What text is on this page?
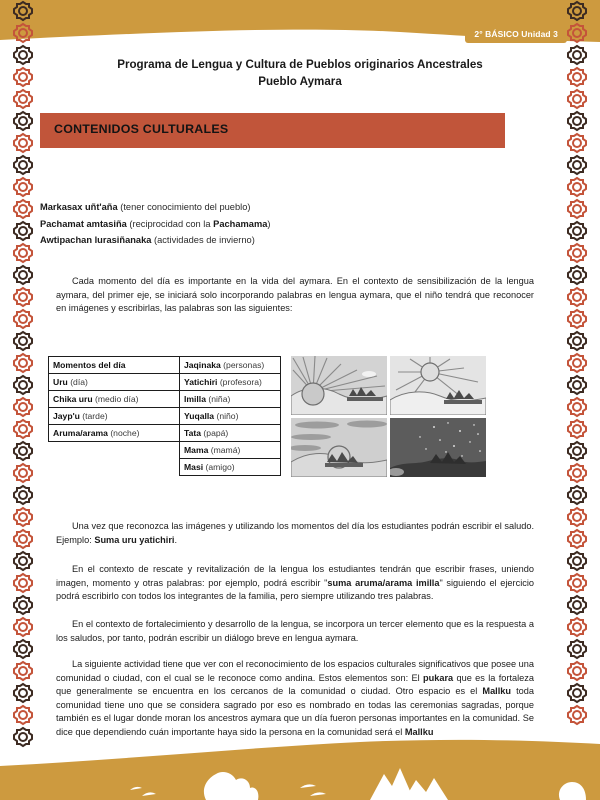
2° BÁSICO Unidad 3
Programa de Lengua y Cultura de Pueblos originarios Ancestrales
Pueblo Aymara
CONTENIDOS CULTURALES
Markasax uñt'aña (tener conocimiento del pueblo)
Pachamat amtasiña (reciprocidad con la Pachamama)
Awtipachan lurasiñanaka (actividades de invierno)

Cada momento del día es importante en la vida del aymara. En el contexto de sensibilización de la lengua aymara, del primer eje, se iniciará solo incorporando palabras en lengua aymara, que el niño tendrá que reconocer en imágenes y escribirlas, las palabras son las siguientes:

Momentos del día	Jaqinaka (personas)
Uru (día)	Yatichiri (profesora)
Chika uru (medio día)	Imilla (niña)
Jayp'u (tarde)	Yuqalla (niño)
Aruma/arama (noche)	Tata (papá)
	Mama (mamá)
	Masi (amigo)

Una vez que reconozca las imágenes y utilizando los momentos del día los estudiantes podrán escribir el saludo. Ejemplo: Suma uru yatichiri.

En el contexto de rescate y revitalización de la lengua los estudiantes tendrán que escribir frases, uniendo imagen, momento y otras palabras: por ejemplo, podrá escribir "suma aruma/arama imilla" siguiendo el ejercicio podrá escribirlo con todos los integrantes de la familia, pero siempre utilizando tres palabras.

En el contexto de fortalecimiento y desarrollo de la lengua, se incorpora un tercer elemento que es la respuesta a los saludos, por tanto, podrán escribir un diálogo breve en lengua aymara.

La siguiente actividad tiene que ver con el reconocimiento de los espacios culturales significativos que posee una comunidad o ciudad, con el cual se le reconoce como andina. Estos elementos son: El pukara que es la fortaleza que generalmente se encuentra en los cercanos de la comunidad o ciudad. Otro espacio es el Mallku toda comunidad tiene uno que se considera sagrado por eso es nombrado en todas las ceremonias sagradas, porque también es el lugar donde moran los ancestros aymara que un día fueron personas importantes en la comunidad. Se dice que dependiendo cuán importante haya sido la persona en la comunidad será el Mallku
